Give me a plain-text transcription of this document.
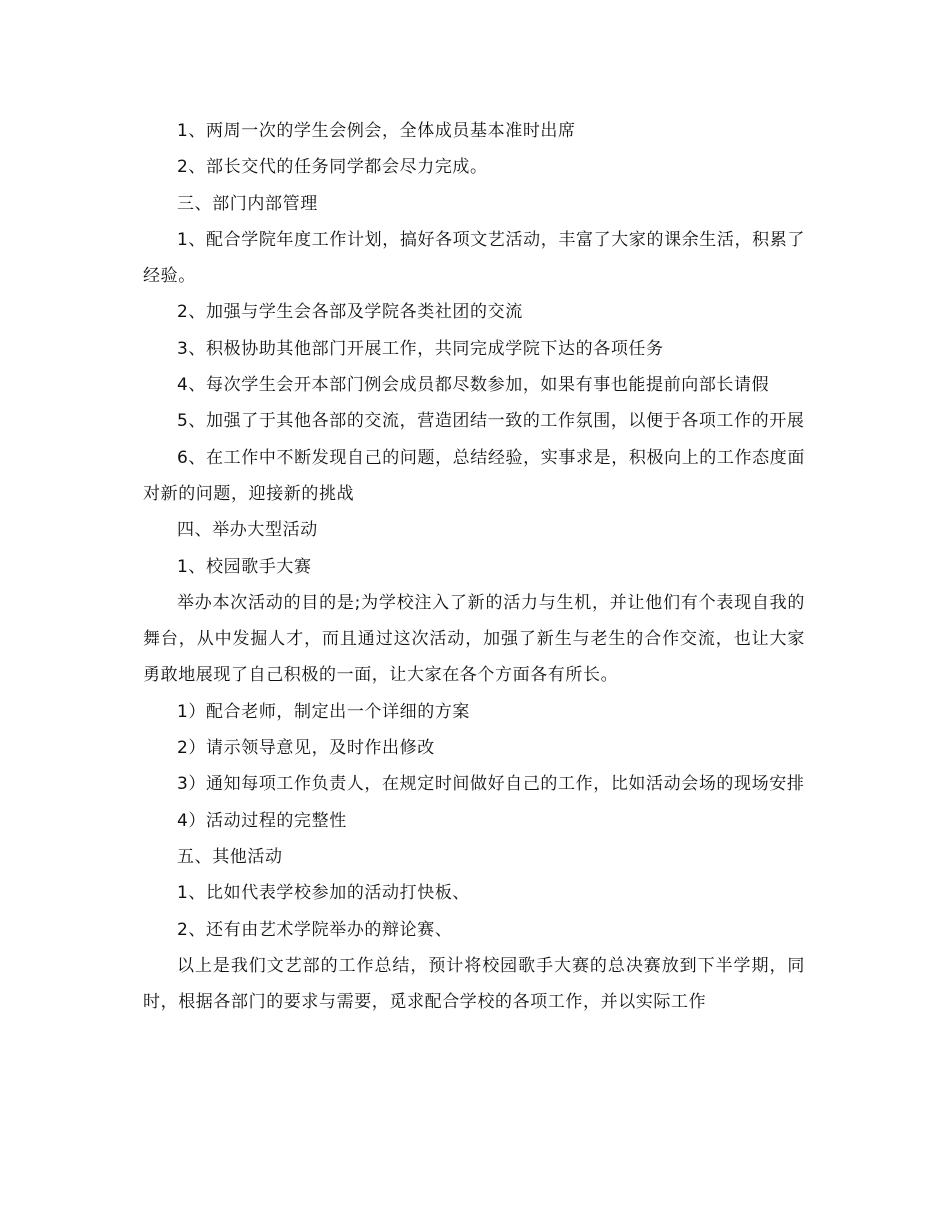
1、两周一次的学生会例会，全体成员基本准时出席

2、部长交代的任务同学都会尽力完成。

三、部门内部管理

1、配合学院年度工作计划，搞好各项文艺活动，丰富了大家的课余生活，积累了经验。

2、加强与学生会各部及学院各类社团的交流

3、积极协助其他部门开展工作，共同完成学院下达的各项任务

4、每次学生会开本部门例会成员都尽数参加，如果有事也能提前向部长请假

5、加强了于其他各部的交流，营造团结一致的工作氛围，以便于各项工作的开展

6、在工作中不断发现自己的问题，总结经验，实事求是，积极向上的工作态度面对新的问题，迎接新的挑战

四、举办大型活动

1、校园歌手大赛

举办本次活动的目的是;为学校注入了新的活力与生机，并让他们有个表现自我的舞台，从中发掘人才，而且通过这次活动，加强了新生与老生的合作交流，也让大家勇敢地展现了自己积极的一面，让大家在各个方面各有所长。

1）配合老师，制定出一个详细的方案

2）请示领导意见，及时作出修改

3）通知每项工作负责人，在规定时间做好自己的工作，比如活动会场的现场安排

4）活动过程的完整性

五、其他活动

1、比如代表学校参加的活动打快板、

2、还有由艺术学院举办的辩论赛、

以上是我们文艺部的工作总结，预计将校园歌手大赛的总决赛放到下半学期，同时，根据各部门的要求与需要，觅求配合学校的各项工作，并以实际工作
